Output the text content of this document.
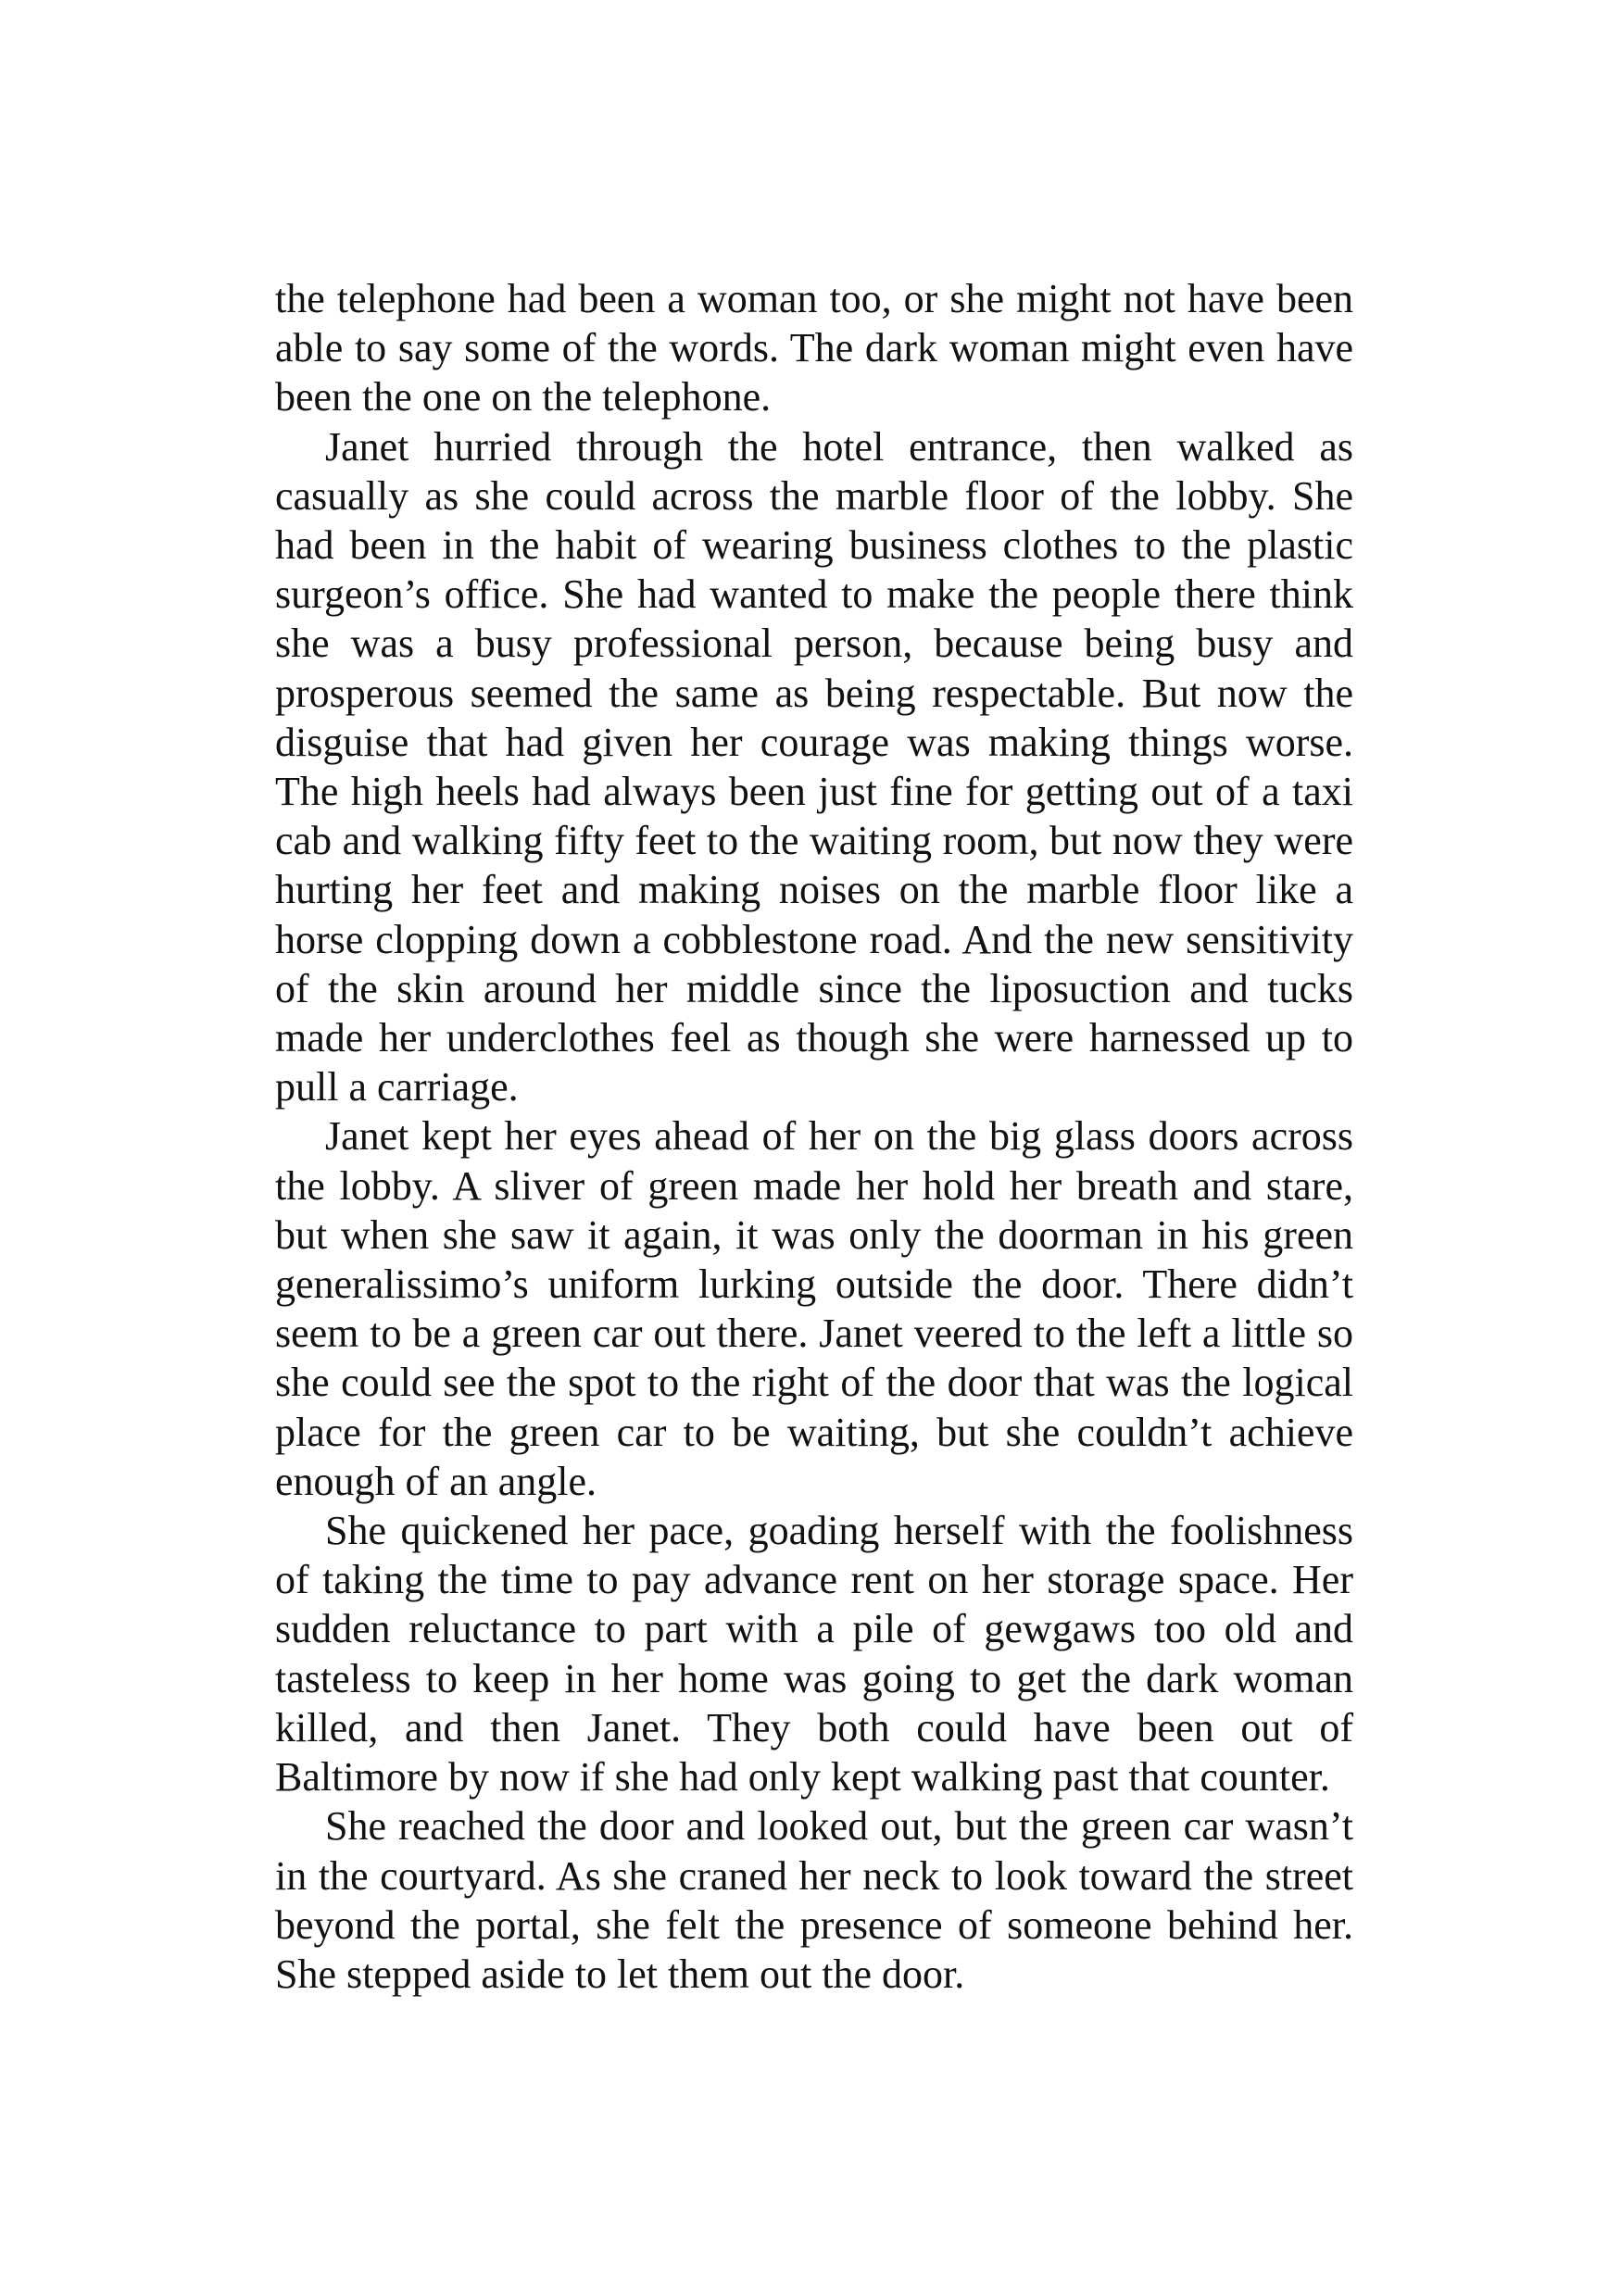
the telephone had been a woman too, or she might not have been able to say some of the words. The dark woman might even have been the one on the telephone.

Janet hurried through the hotel entrance, then walked as casually as she could across the marble floor of the lobby. She had been in the habit of wearing business clothes to the plastic surgeon’s office. She had wanted to make the people there think she was a busy professional person, because being busy and prosperous seemed the same as being respectable. But now the disguise that had given her courage was making things worse. The high heels had always been just fine for getting out of a taxi cab and walking fifty feet to the waiting room, but now they were hurting her feet and making noises on the marble floor like a horse clopping down a cobblestone road. And the new sensitivity of the skin around her middle since the liposuction and tucks made her underclothes feel as though she were harnessed up to pull a carriage.

Janet kept her eyes ahead of her on the big glass doors across the lobby. A sliver of green made her hold her breath and stare, but when she saw it again, it was only the doorman in his green generalissimo’s uniform lurking outside the door. There didn’t seem to be a green car out there. Janet veered to the left a little so she could see the spot to the right of the door that was the logical place for the green car to be waiting, but she couldn’t achieve enough of an angle.

She quickened her pace, goading herself with the foolishness of taking the time to pay advance rent on her storage space. Her sudden reluctance to part with a pile of gewgaws too old and tasteless to keep in her home was going to get the dark woman killed, and then Janet. They both could have been out of Baltimore by now if she had only kept walking past that counter.

She reached the door and looked out, but the green car wasn’t in the courtyard. As she craned her neck to look toward the street beyond the portal, she felt the presence of someone behind her. She stepped aside to let them out the door.
